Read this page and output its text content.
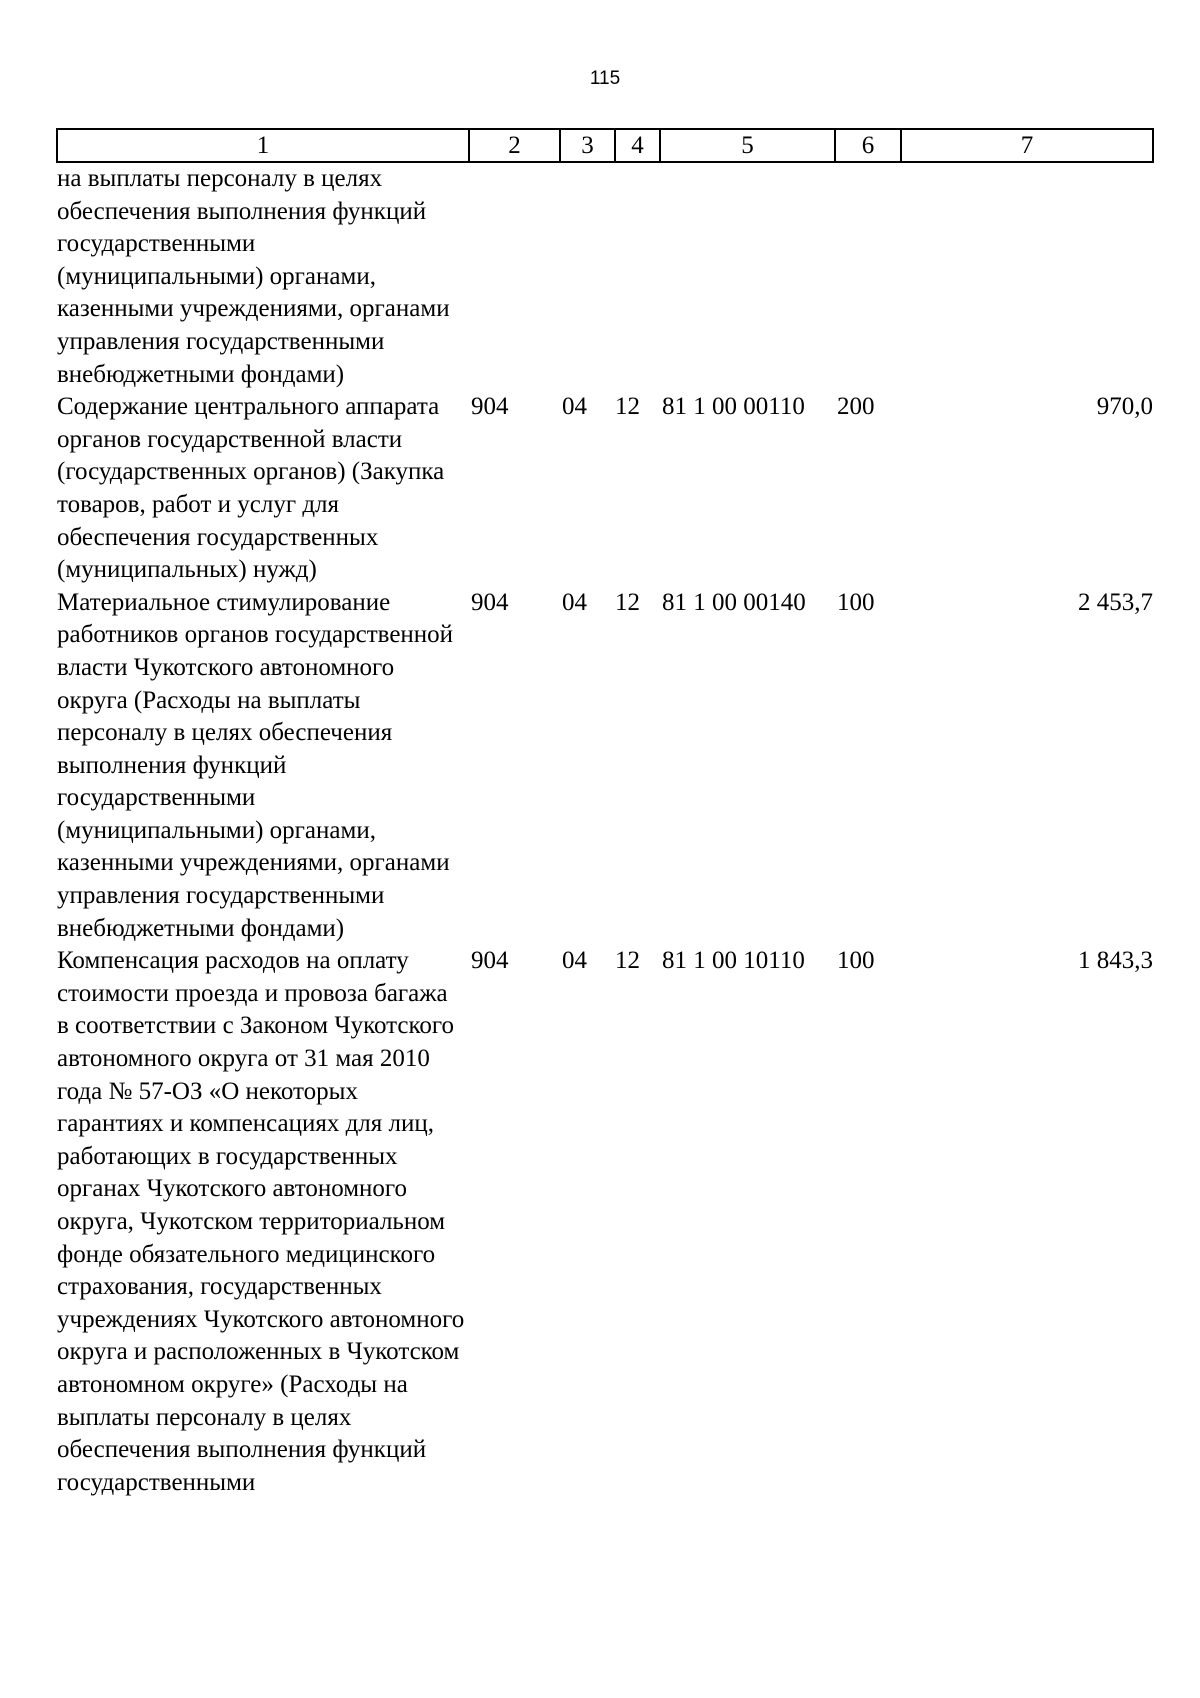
115
1	2	3	4	5	6	7
на выплаты персоналу в целях обеспечения выполнения функций государственными (муниципальными) органами, казенными учреждениями, органами управления государственными внебюджетными фондами)						
Содержание центрального аппарата органов государственной власти (государственных органов) (Закупка товаров, работ и услуг для обеспечения государственных (муниципальных) нужд)	904	04	12	81 1 00 00110	200	970,0
Материальное стимулирование работников органов государственной власти Чукотского автономного округа (Расходы на выплаты персоналу в целях обеспечения выполнения функций государственными (муниципальными) органами, казенными учреждениями, органами управления государственными внебюджетными фондами)	904	04	12	81 1 00 00140	100	2 453,7
Компенсация расходов на оплату стоимости проезда и провоза багажа в соответствии с Законом Чукотского автономного округа от 31 мая 2010 года № 57-ОЗ «О некоторых гарантиях и компенсациях для лиц, работающих в государственных органах Чукотского автономного округа, Чукотском территориальном фонде обязательного медицинского страхования, государственных учреждениях Чукотского автономного округа и расположенных в Чукотском автономном округе» (Расходы на выплаты персоналу в целях обеспечения выполнения функций государственными	904	04	12	81 1 00 10110	100	1 843,3
